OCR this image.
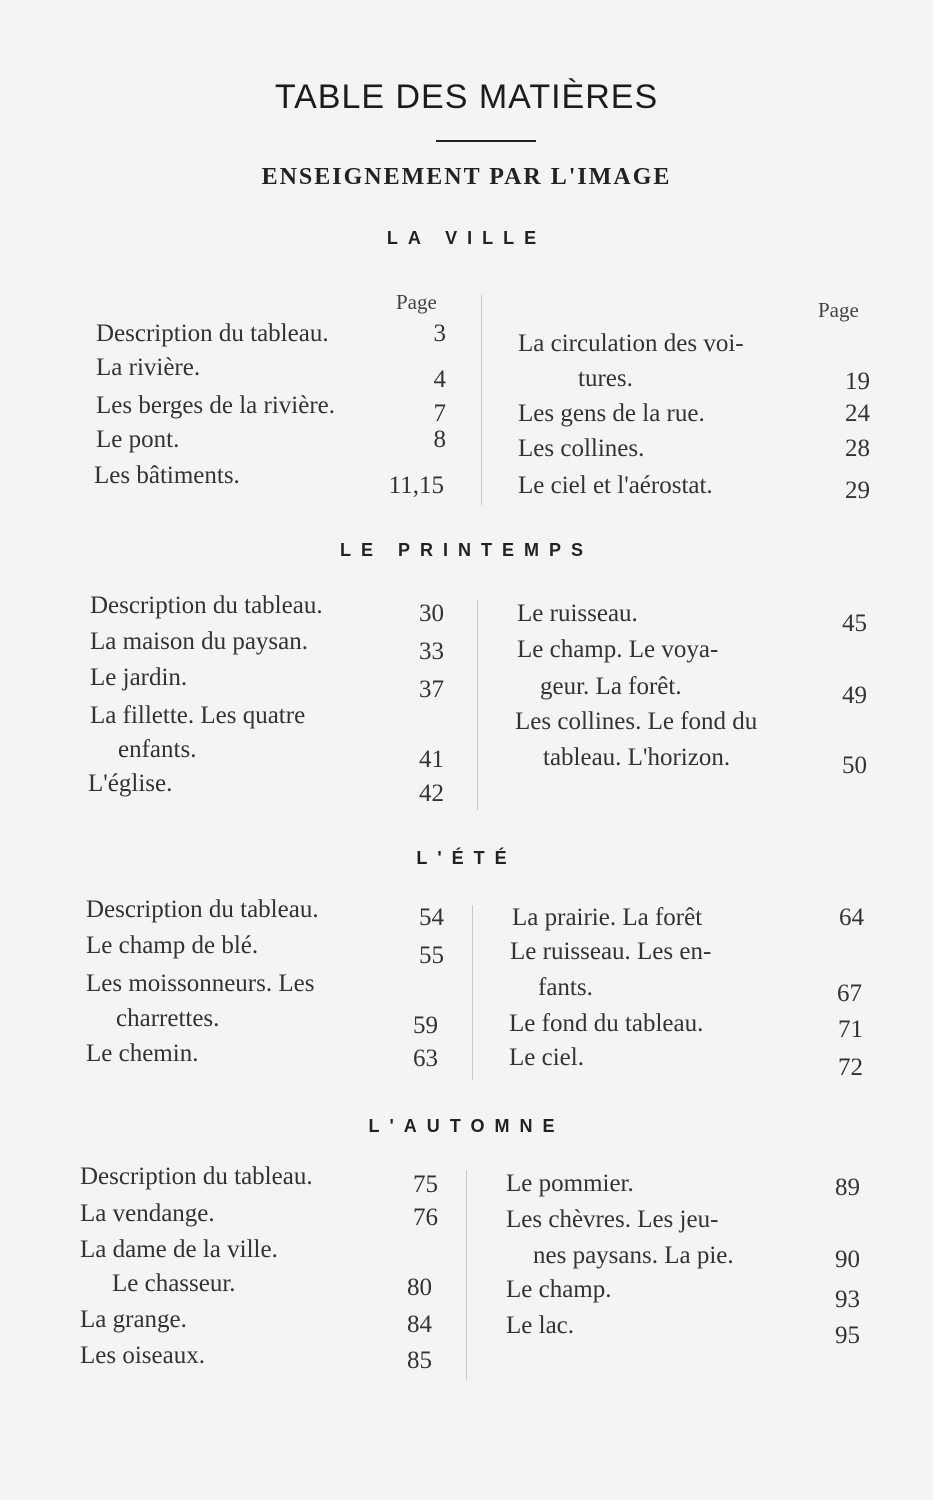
TABLE DES MATIÈRES
ENSEIGNEMENT PAR L'IMAGE
LA VILLE
Page	Page
Description du tableau.	3
La rivière.	4
Les berges de la rivière.	7
Le pont.	8
Les bâtiments.	11,15
La circulation des voi-
tures.	19
Les gens de la rue.	24
Les collines.	28
Le ciel et l'aérostat.	29
LE PRINTEMPS
Description du tableau.	30
La maison du paysan.	33
Le jardin.	37
La fillette. Les quatre
enfants.	41
L'église.	42
Le ruisseau.	45
Le champ. Le voya-
geur. La forêt.	49
Les collines. Le fond du
tableau. L'horizon.	50
L'ÉTÉ
Description du tableau.	54
Le champ de blé.	55
Les moissonneurs. Les
charrettes.	59
Le chemin.	63
La prairie. La forêt	64
Le ruisseau. Les en-
fants.	67
Le fond du tableau.	71
Le ciel.	72
L'AUTOMNE
Description du tableau.	75
La vendange.	76
La dame de la ville.
Le chasseur.	80
La grange.	84
Les oiseaux.	85
Le pommier.	89
Les chèvres. Les jeu-
nes paysans. La pie.	90
Le champ.	93
Le lac.	95
